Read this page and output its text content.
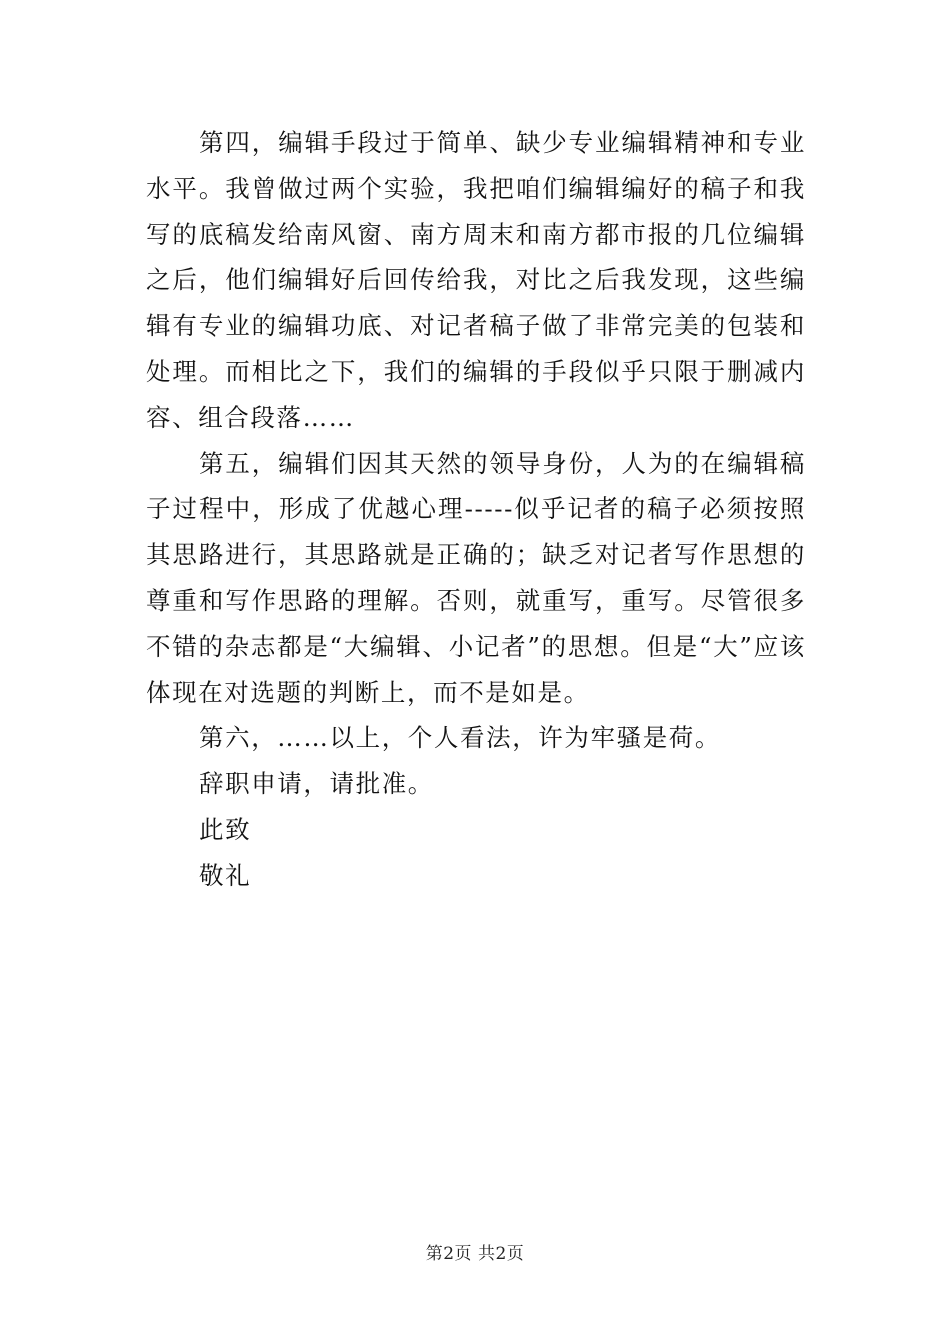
第四，编辑手段过于简单、缺少专业编辑精神和专业水平。我曾做过两个实验，我把咱们编辑编好的稿子和我写的底稿发给南风窗、南方周末和南方都市报的几位编辑之后，他们编辑好后回传给我，对比之后我发现，这些编辑有专业的编辑功底、对记者稿子做了非常完美的包装和处理。而相比之下，我们的编辑的手段似乎只限于删减内容、组合段落……

第五，编辑们因其天然的领导身份，人为的在编辑稿子过程中，形成了优越心理-----似乎记者的稿子必须按照其思路进行，其思路就是正确的；缺乏对记者写作思想的尊重和写作思路的理解。否则，就重写，重写。尽管很多不错的杂志都是“大编辑、小记者”的思想。但是“大”应该体现在对选题的判断上，而不是如是。

第六，……以上，个人看法，许为牢骚是荷。

辞职申请，请批准。

此致

敬礼

第2页 共2页
